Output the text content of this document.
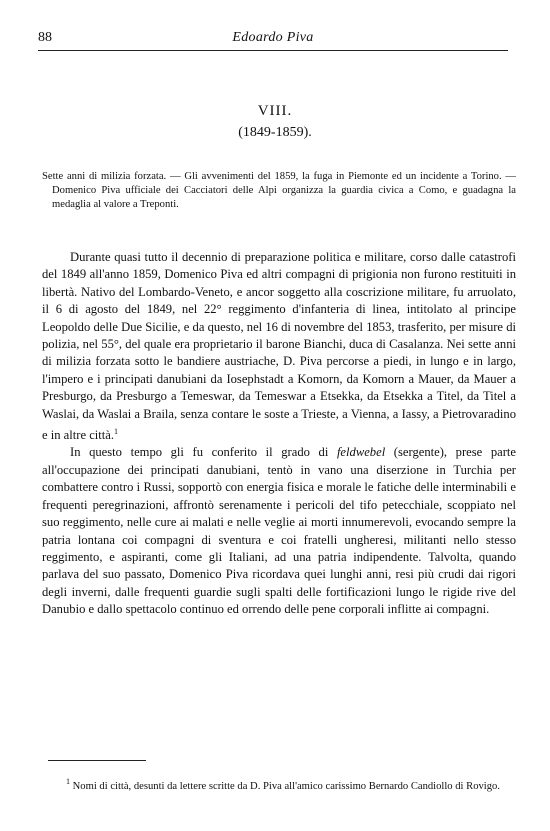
88	Edoardo Piva
VIII.
(1849-1859).

Sette anni di milizia forzata. — Gli avvenimenti del 1859, la fuga in Piemonte ed un incidente a Torino. — Domenico Piva ufficiale dei Cacciatori delle Alpi organizza la guardia civica a Como, e guadagna la medaglia al valore a Treponti.

Durante quasi tutto il decennio di preparazione politica e militare, corso dalle catastrofi del 1849 all'anno 1859, Domenico Piva ed altri compagni di prigionia non furono restituiti in libertà. Nativo del Lombardo-Veneto, e ancor soggetto alla coscrizione militare, fu arruolato, il 6 di agosto del 1849, nel 22° reggimento d'infanteria di linea, intitolato al principe Leopoldo delle Due Sicilie, e da questo, nel 16 di novembre del 1853, trasferito, per misure di polizia, nel 55°, del quale era proprietario il barone Bianchi, duca di Casalanza. Nei sette anni di milizia forzata sotto le bandiere austriache, D. Piva percorse a piedi, in lungo e in largo, l'impero e i principati danubiani da Iosephstadt a Komorn, da Komorn a Mauer, da Mauer a Presburgo, da Presburgo a Temeswar, da Temeswar a Etsekka, da Etsekka a Titel, da Titel a Waslai, da Waslai a Braila, senza contare le soste a Trieste, a Vienna, a Iassy, a Pietrovaradino e in altre città.$^1$

In questo tempo gli fu conferito il grado di feldwebel (sergente), prese parte all'occupazione dei principati danubiani, tentò in vano una diserzione in Turchia per combattere contro i Russi, sopportò con energia fisica e morale le fatiche delle interminabili e frequenti peregrinazioni, affrontò serenamente i pericoli del tifo petecchiale, scoppiato nel suo reggimento, nelle cure ai malati e nelle veglie ai morti innumerevoli, evocando sempre la patria lontana coi compagni di sventura e coi fratelli ungheresi, militanti nello stesso reggimento, e aspiranti, come gli Italiani, ad una patria indipendente. Talvolta, quando parlava del suo passato, Domenico Piva ricordava quei lunghi anni, resi più crudi dai rigori degli inverni, dalle frequenti guardie sugli spalti delle fortificazioni lungo le rigide rive del Danubio e dallo spettacolo continuo ed orrendo delle pene corporali inflitte ai compagni.

$^1$ Nomi di città, desunti da lettere scritte da D. Piva all'amico carissimo Bernardo Candiollo di Rovigo.
